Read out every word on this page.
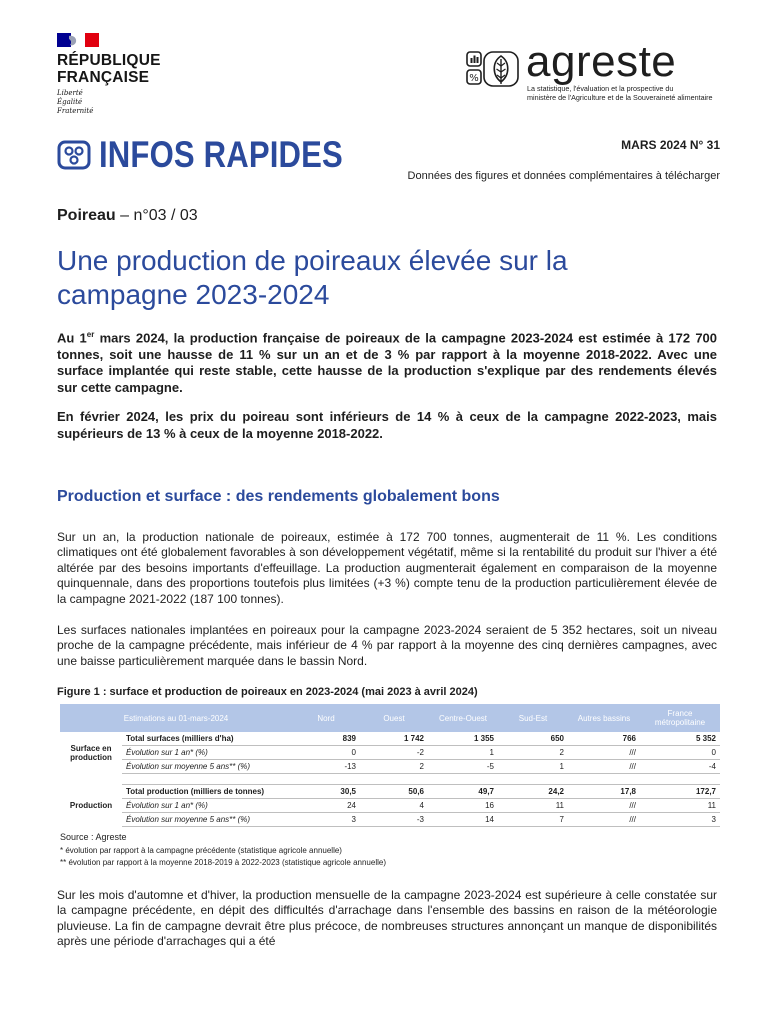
RÉPUBLIQUE
FRANÇAISE
Liberté
Égalité
Fraternité
% agreste
La statistique, l'évaluation et la prospective du
ministère de l'Agriculture et de la Souveraineté alimentaire
INFOS RAPIDES	MARS 2024 N° 31
Données des figures et données complémentaires à télécharger
Poireau – n°03 / 03
Une production de poireaux élevée sur la
campagne 2023-2024
Au 1er mars 2024, la production française de poireaux de la campagne 2023-2024 est estimée à 172 700 tonnes, soit une hausse de 11 % sur un an et de 3 % par rapport à la moyenne 2018-2022. Avec une surface implantée qui reste stable, cette hausse de la production s'explique par des rendements élevés sur cette campagne.
En février 2024, les prix du poireau sont inférieurs de 14 % à ceux de la campagne 2022-2023, mais supérieurs de 13 % à ceux de la moyenne 2018-2022.
Production et surface : des rendements globalement bons
Sur un an, la production nationale de poireaux, estimée à 172 700 tonnes, augmenterait de 11 %. Les conditions climatiques ont été globalement favorables à son développement végétatif, même si la rentabilité du produit sur l'hiver a été altérée par des besoins importants d'effeuillage. La production augmenterait également en comparaison de la moyenne quinquennale, dans des proportions toutefois plus limitées (+3 %) compte tenu de la production particulièrement élevée de la campagne 2021-2022 (187 100 tonnes).
Les surfaces nationales implantées en poireaux pour la campagne 2023-2024 seraient de 5 352 hectares, soit un niveau proche de la campagne précédente, mais inférieur de 4 % par rapport à la moyenne des cinq dernières campagnes, avec une baisse particulièrement marquée dans le bassin Nord.
Figure 1 : surface et production de poireaux en 2023-2024 (mai 2023 à avril 2024)
Estimations au 01-mars-2024		Nord	Ouest	Centre-Ouest	Sud-Est	Autres bassins	France métropolitaine
Surface en production	Total surfaces (milliers d'ha)	839	1 742	1 355	650	766	5 352
	Évolution sur 1 an* (%)	0	-2	1	2	///	0
	Évolution sur moyenne 5 ans** (%)	-13	2	-5	1	///	-4

Production	Total production (milliers de tonnes)	30,5	50,6	49,7	24,2	17,8	172,7
	Évolution sur 1 an* (%)	24	4	16	11	///	11
	Évolution sur moyenne 5 ans** (%)	3	-3	14	7	///	3
Source : Agreste
* évolution par rapport à la campagne précédente (statistique agricole annuelle)
** évolution par rapport à la moyenne 2018-2019 à 2022-2023 (statistique agricole annuelle)
Sur les mois d'automne et d'hiver, la production mensuelle de la campagne 2023-2024 est supérieure à celle constatée sur la campagne précédente, en dépit des difficultés d'arrachage dans l'ensemble des bassins en raison de la météorologie pluvieuse. La fin de campagne devrait être plus précoce, de nombreuses structures annonçant un manque de disponibilités après une période d'arrachages qui a été
